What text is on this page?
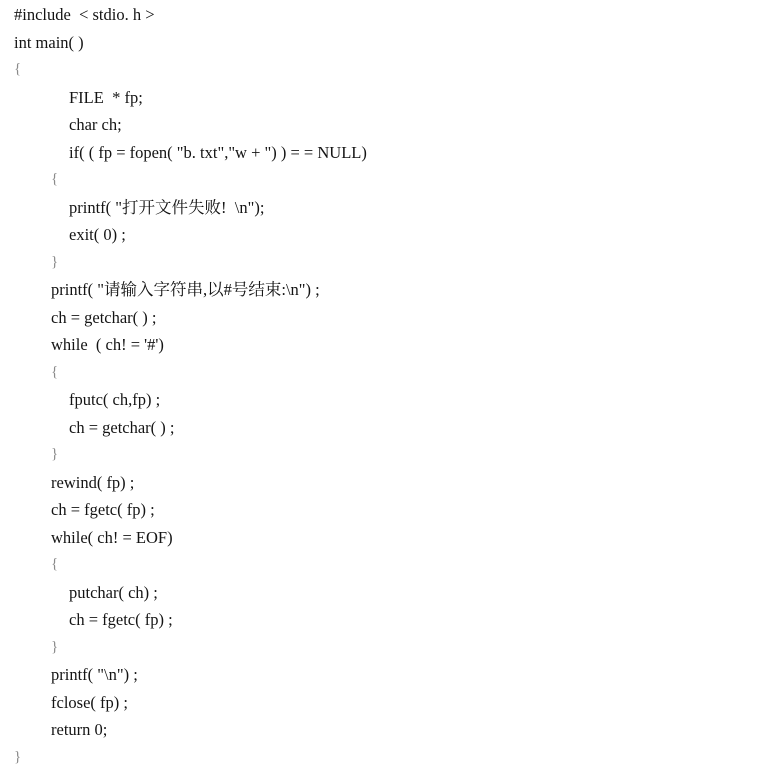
#include  < stdio. h >
int main( )
{
FILE  * fp;
char ch;
if( ( fp = fopen( "b. txt","w + ") ) = = NULL)
{
printf( "打开文件失败!  \n");
exit( 0) ;
}
printf( "请输入字符串,以#号结束:\n") ;
ch = getchar( ) ;
while  ( ch! = '#')
{
fputc( ch,fp) ;
ch = getchar( ) ;
}
rewind( fp) ;
ch = fgetc( fp) ;
while( ch! = EOF)
{
putchar( ch) ;
ch = fgetc( fp) ;
}
printf( "\n") ;
fclose( fp) ;
return 0;
}
